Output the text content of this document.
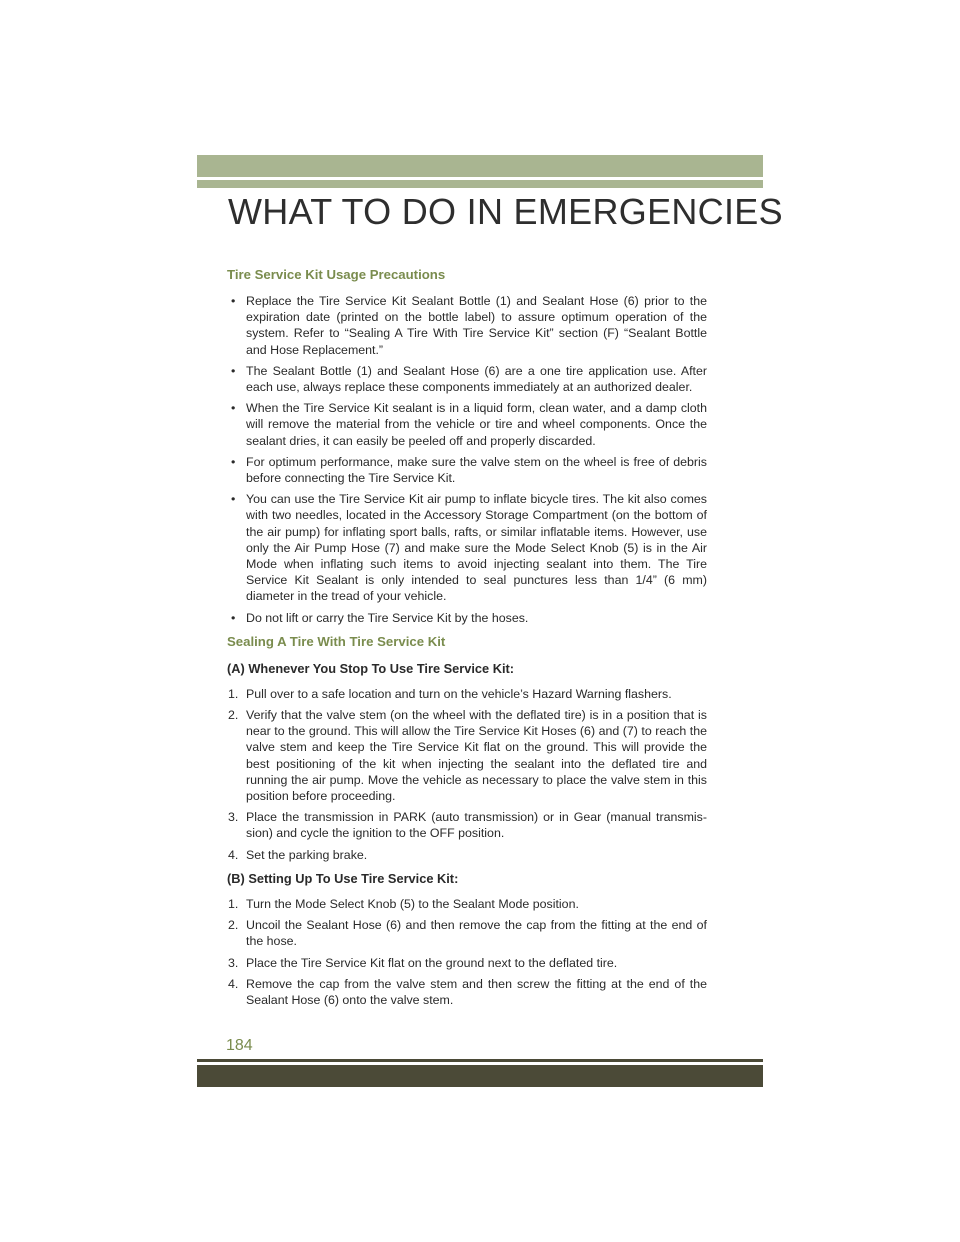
WHAT TO DO IN EMERGENCIES
Tire Service Kit Usage Precautions
• Replace the Tire Service Kit Sealant Bottle (1) and Sealant Hose (6) prior to the expiration date (printed on the bottle label) to assure optimum operation of the system. Refer to “Sealing A Tire With Tire Service Kit” section (F) “Sealant Bottle and Hose Replacement.”
• The Sealant Bottle (1) and Sealant Hose (6) are a one tire application use. After each use, always replace these components immediately at an authorized dealer.
• When the Tire Service Kit sealant is in a liquid form, clean water, and a damp cloth will remove the material from the vehicle or tire and wheel components. Once the sealant dries, it can easily be peeled off and properly discarded.
• For optimum performance, make sure the valve stem on the wheel is free of debris before connecting the Tire Service Kit.
• You can use the Tire Service Kit air pump to inflate bicycle tires. The kit also comes with two needles, located in the Accessory Storage Compartment (on the bottom of the air pump) for inflating sport balls, rafts, or similar inflatable items. However, use only the Air Pump Hose (7) and make sure the Mode Select Knob (5) is in the Air Mode when inflating such items to avoid injecting sealant into them. The Tire Service Kit Sealant is only intended to seal punctures less than 1/4” (6 mm) diameter in the tread of your vehicle.
• Do not lift or carry the Tire Service Kit by the hoses.
Sealing A Tire With Tire Service Kit
(A) Whenever You Stop To Use Tire Service Kit:
1. Pull over to a safe location and turn on the vehicle’s Hazard Warning flashers.
2. Verify that the valve stem (on the wheel with the deflated tire) is in a position that is near to the ground. This will allow the Tire Service Kit Hoses (6) and (7) to reach the valve stem and keep the Tire Service Kit flat on the ground. This will provide the best positioning of the kit when injecting the sealant into the deflated tire and running the air pump. Move the vehicle as necessary to place the valve stem in this position before proceeding.
3. Place the transmission in PARK (auto transmission) or in Gear (manual transmis-sion) and cycle the ignition to the OFF position.
4. Set the parking brake.
(B) Setting Up To Use Tire Service Kit:
1. Turn the Mode Select Knob (5) to the Sealant Mode position.
2. Uncoil the Sealant Hose (6) and then remove the cap from the fitting at the end of the hose.
3. Place the Tire Service Kit flat on the ground next to the deflated tire.
4. Remove the cap from the valve stem and then screw the fitting at the end of the Sealant Hose (6) onto the valve stem.
184
